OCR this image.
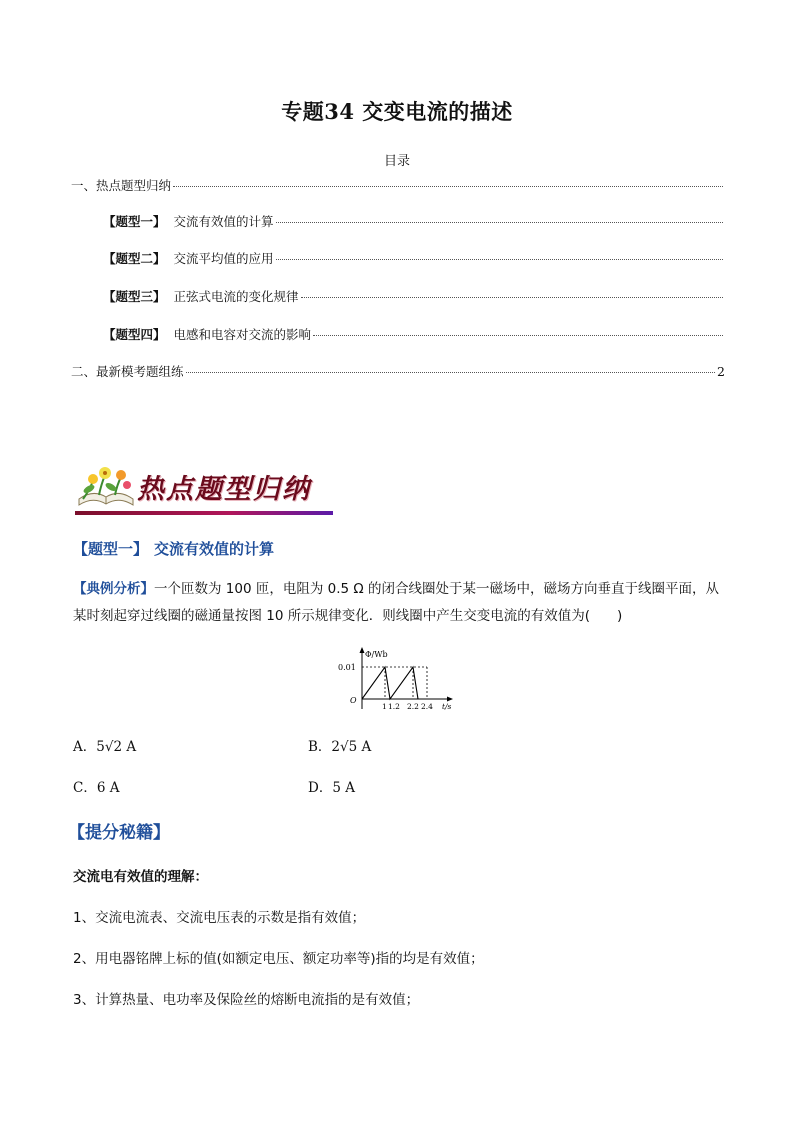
专题34 交变电流的描述
目录
一、热点题型归纳
【题型一】 交流有效值的计算
【题型二】 交流平均值的应用
【题型三】 正弦式电流的变化规律
【题型四】 电感和电容对交流的影响
二、最新模考题组练	2
热点题型归纳
【题型一】 交流有效值的计算
【典例分析】一个匝数为 100 匝，电阻为 0.5 Ω 的闭合线圈处于某一磁场中，磁场方向垂直于线圈平面，从
某时刻起穿过线圈的磁通量按图 10 所示规律变化．则线圈中产生交变电流的有效值为(　　)
Φ/Wb
0.01
O
1 1.2 2.2 2.4 t/s
A．5√2 A	B．2√5 A
C．6 A	D．5 A
【提分秘籍】
交流电有效值的理解：
1、交流电流表、交流电压表的示数是指有效值；
2、用电器铭牌上标的值(如额定电压、额定功率等)指的均是有效值；
3、计算热量、电功率及保险丝的熔断电流指的是有效值；
